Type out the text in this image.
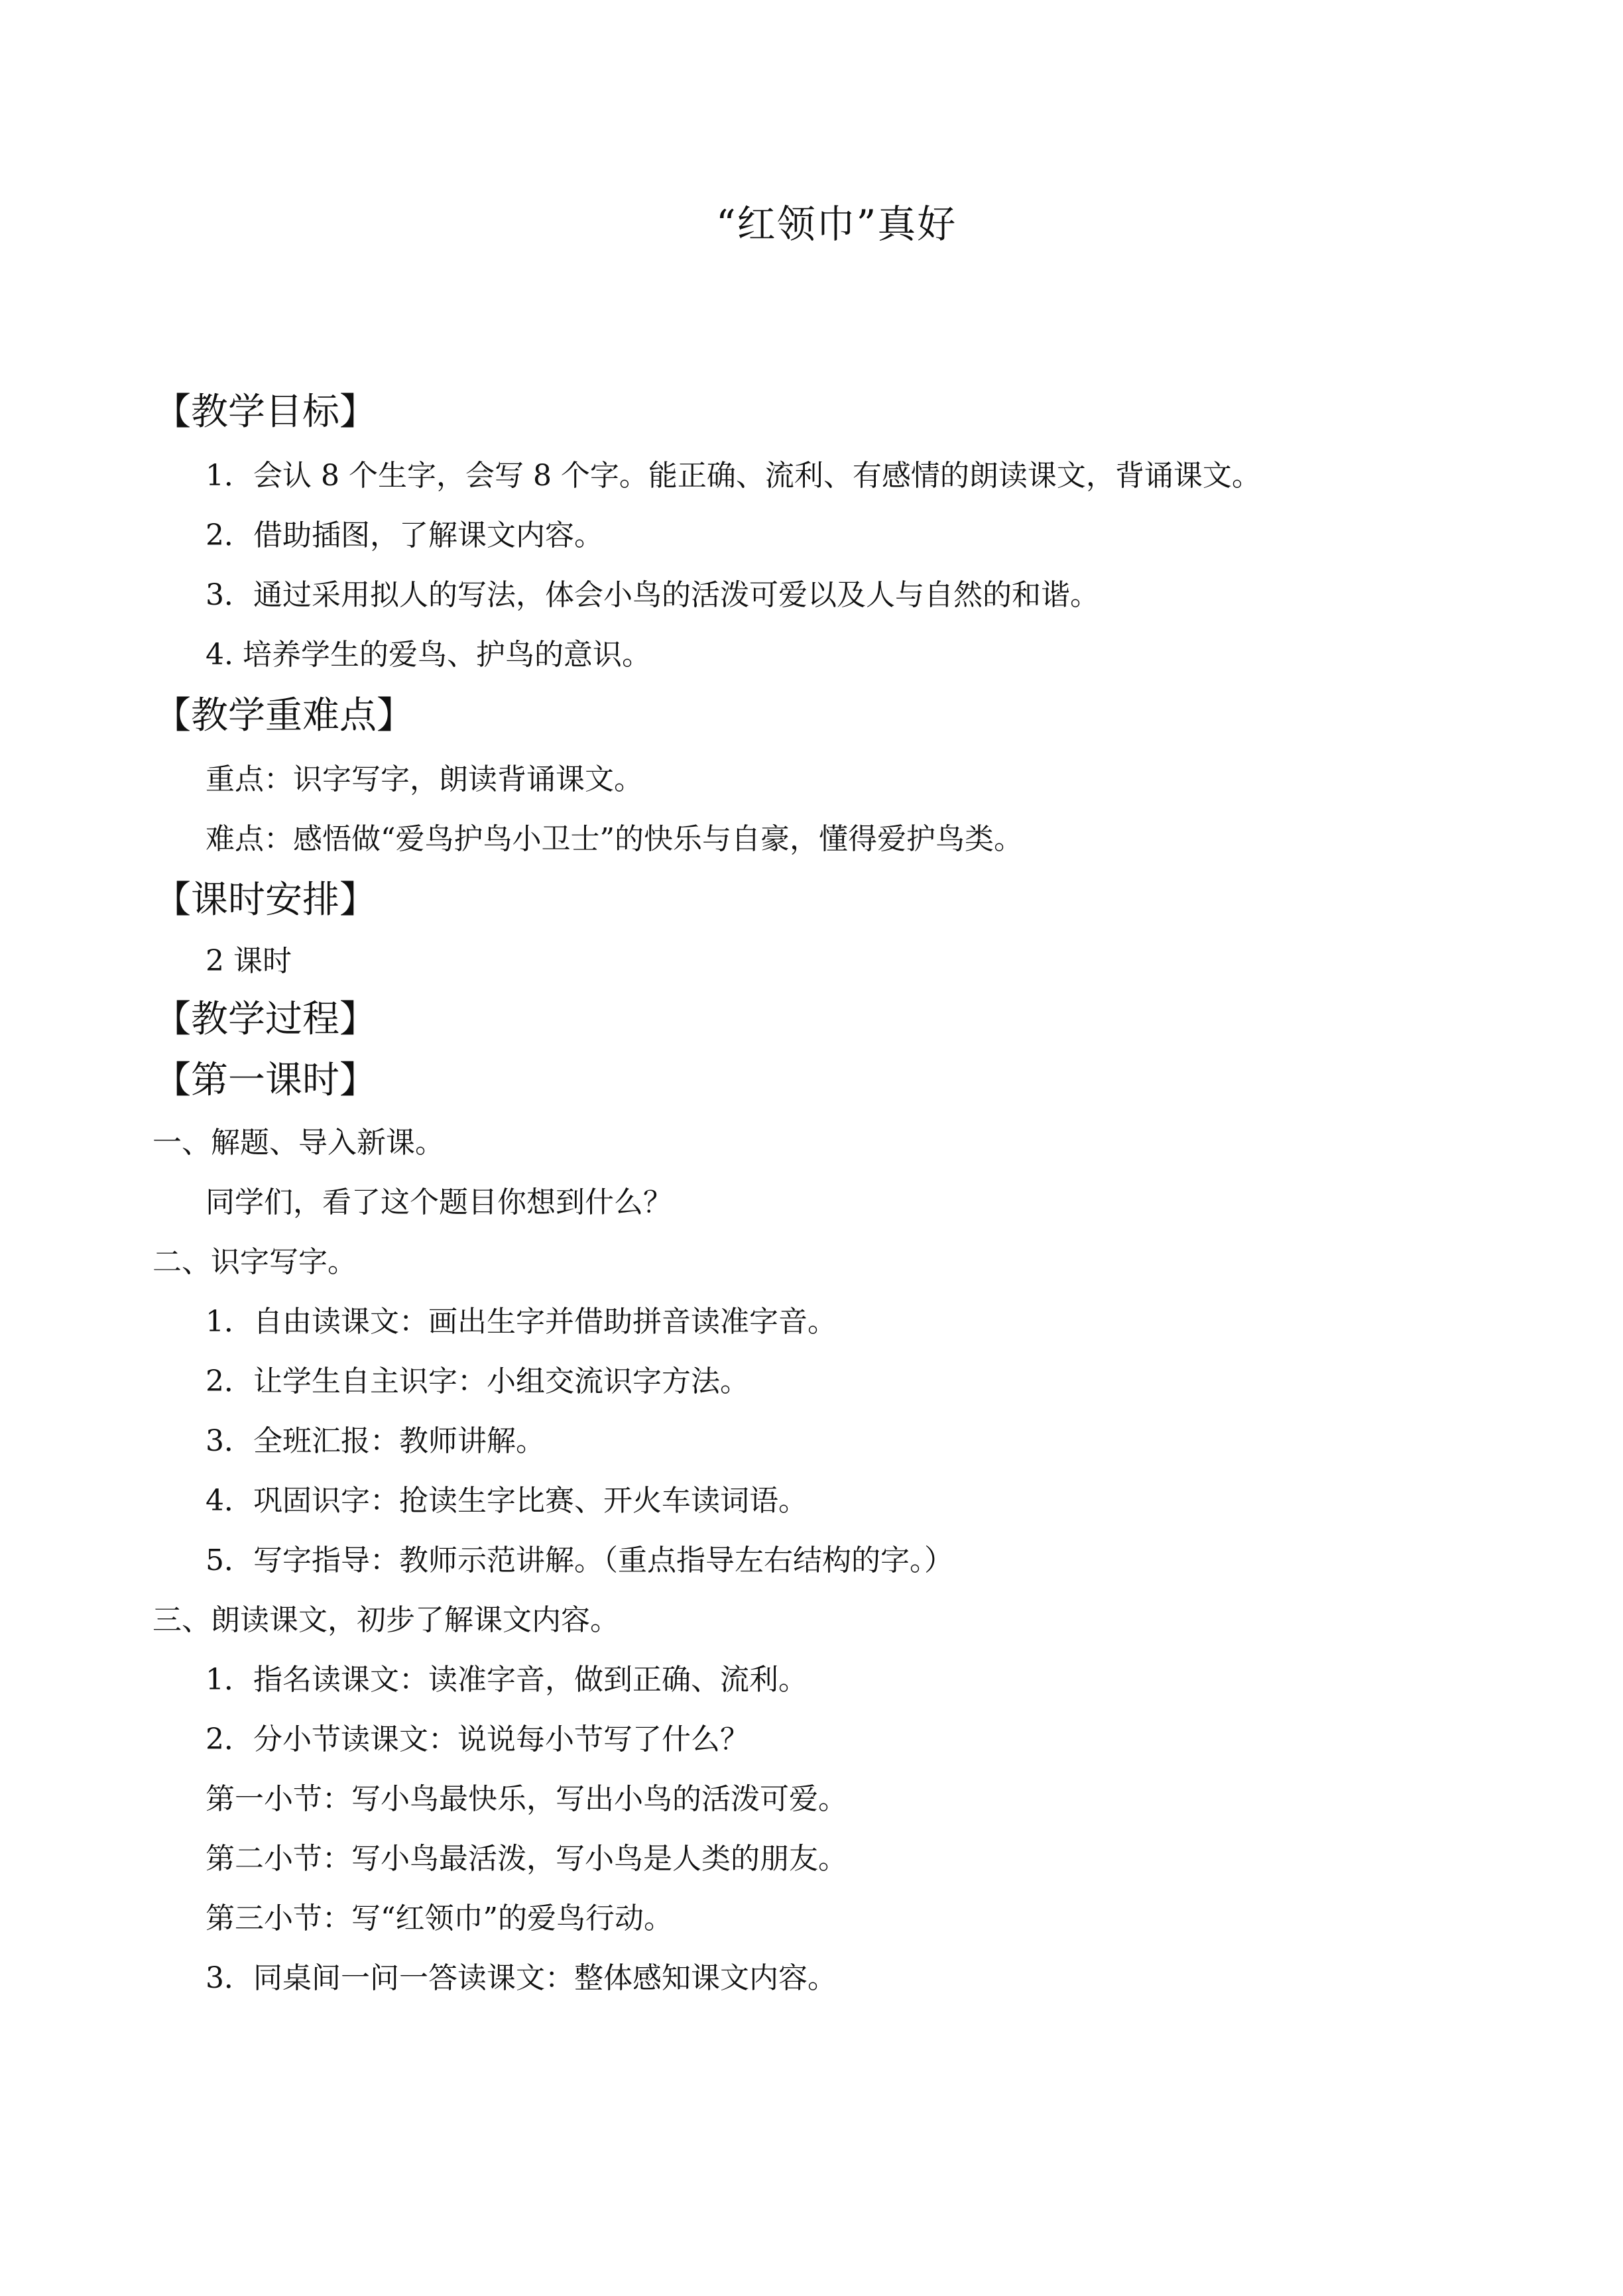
“红领巾”真好
【教学目标】
1．会认 8 个生字，会写 8 个字。能正确、流利、有感情的朗读课文，背诵课文。
2．借助插图，了解课文内容。
3．通过采用拟人的写法，体会小鸟的活泼可爱以及人与自然的和谐。
4. 培养学生的爱鸟、护鸟的意识。
【教学重难点】
重点：识字写字，朗读背诵课文。
难点：感悟做“爱鸟护鸟小卫士”的快乐与自豪，懂得爱护鸟类。
【课时安排】
2 课时
【教学过程】
【第一课时】
一、解题、导入新课。
同学们，看了这个题目你想到什么？
二、识字写字。
1．自由读课文：画出生字并借助拼音读准字音。
2．让学生自主识字：小组交流识字方法。
3．全班汇报：教师讲解。
4．巩固识字：抢读生字比赛、开火车读词语。
5．写字指导：教师示范讲解。（重点指导左右结构的字。）
三、朗读课文，初步了解课文内容。
1．指名读课文：读准字音，做到正确、流利。
2．分小节读课文：说说每小节写了什么？
第一小节：写小鸟最快乐，写出小鸟的活泼可爱。
第二小节：写小鸟最活泼，写小鸟是人类的朋友。
第三小节：写“红领巾”的爱鸟行动。
3．同桌间一问一答读课文：整体感知课文内容。
